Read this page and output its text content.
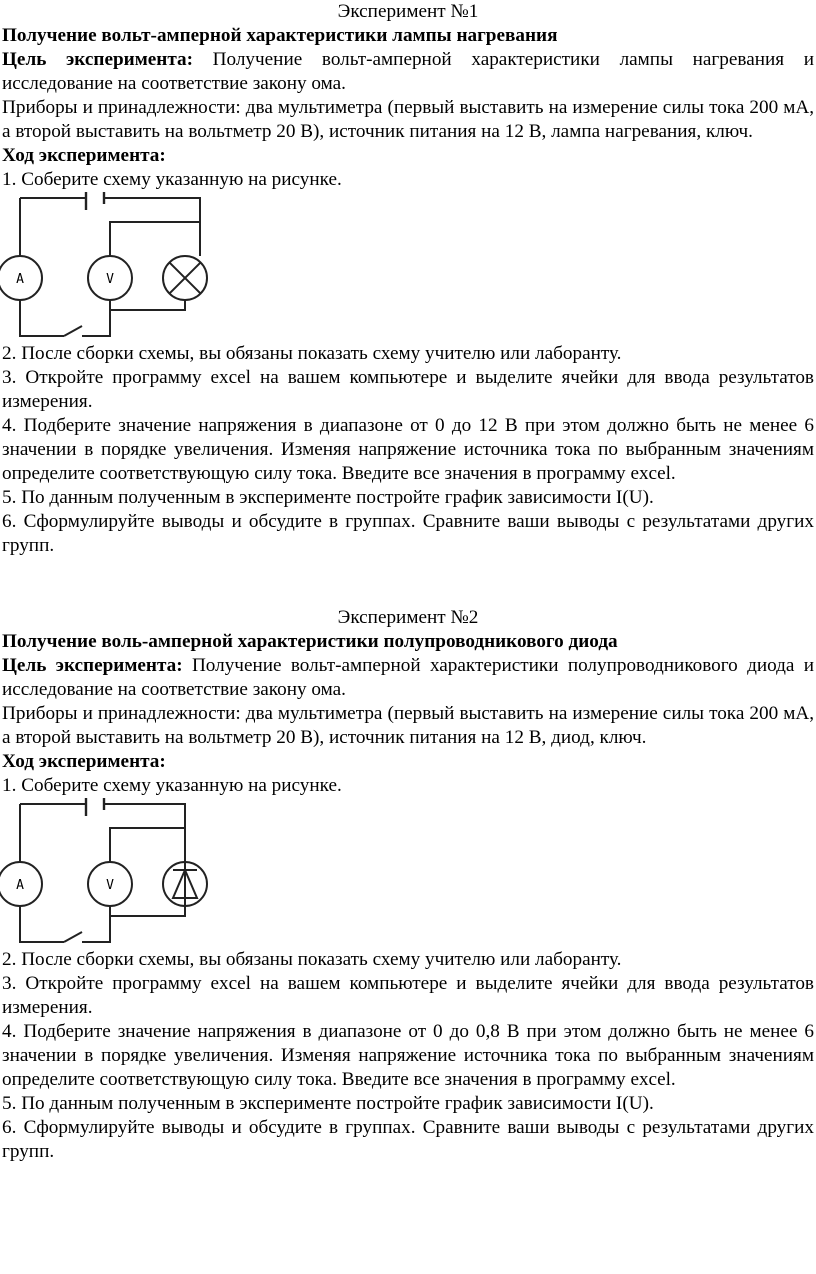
Эксперимент №1

Получение вольт-амперной характеристики лампы нагревания

Цель эксперимента: Получение вольт-амперной характеристики лампы нагревания и исследование на соответствие закону ома.

Приборы и принадлежности: два мультиметра (первый выставить на измерение силы тока 200 мА, а второй выставить на вольтметр 20 В), источник питания на 12 В, лампа нагревания, ключ.

Ход эксперимента:

1. Соберите схему указанную на рисунке.

A	V

2. После сборки схемы, вы обязаны показать схему учителю или лаборанту.

3. Откройте программу excel на вашем компьютере и выделите ячейки для ввода результатов измерения.

4. Подберите значение напряжения в диапазоне от 0 до 12 В при этом должно быть не менее 6 значении в порядке увеличения. Изменяя напряжение источника тока по выбранным значениям определите соответствующую силу тока. Введите все значения в программу excel.

5. По данным полученным в эксперименте постройте график зависимости I(U).

6. Сформулируйте выводы и обсудите в группах. Сравните ваши выводы с результатами других групп.

Эксперимент №2

Получение воль-амперной характеристики полупроводникового диода

Цель эксперимента: Получение вольт-амперной характеристики полупроводникового диода и исследование на соответствие закону ома.

Приборы и принадлежности: два мультиметра (первый выставить на измерение силы тока 200 мА, а второй выставить на вольтметр 20 В), источник питания на 12 В, диод, ключ.

Ход эксперимента:

1. Соберите схему указанную на рисунке.

A	V

2. После сборки схемы, вы обязаны показать схему учителю или лаборанту.

3. Откройте программу excel на вашем компьютере и выделите ячейки для ввода результатов измерения.

4. Подберите значение напряжения в диапазоне от 0 до 0,8 В при этом должно быть не менее 6 значении в порядке увеличения. Изменяя напряжение источника тока по выбранным значениям определите соответствующую силу тока. Введите все значения в программу excel.

5. По данным полученным в эксперименте постройте график зависимости I(U).

6. Сформулируйте выводы и обсудите в группах. Сравните ваши выводы с результатами других групп.
